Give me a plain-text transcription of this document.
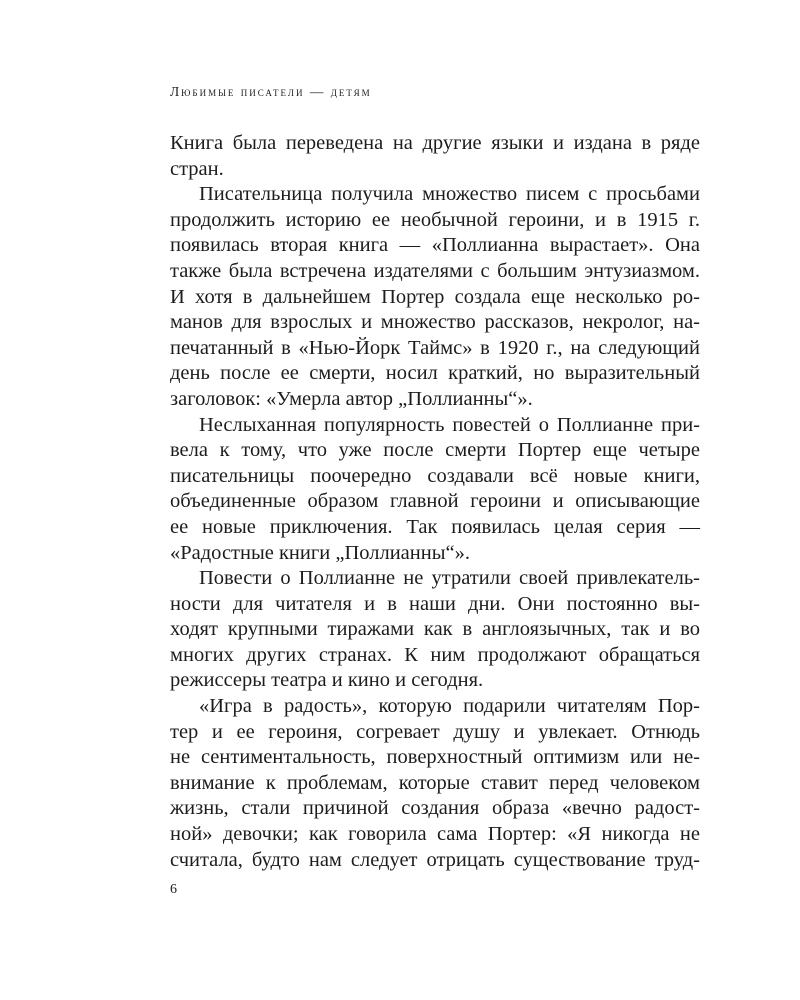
Любимые писатели — детям
Книга была переведена на другие языки и издана в ряде
стран.
Писательница получила множество писем с просьбами
продолжить историю ее необычной героини, и в 1915 г.
появилась вторая книга — «Поллианна вырастает». Она
также была встречена издателями с большим энтузиазмом.
И хотя в дальнейшем Портер создала еще несколько ро-
манов для взрослых и множество рассказов, некролог, на-
печатанный в «Нью-Йорк Таймс» в 1920 г., на следующий
день после ее смерти, носил краткий, но выразительный
заголовок: «Умерла автор „Поллианны“».
Неслыханная популярность повестей о Поллианне при-
вела к тому, что уже после смерти Портер еще четыре
писательницы поочередно создавали всё новые книги,
объединенные образом главной героини и описывающие
ее новые приключения. Так появилась целая серия —
«Радостные книги „Поллианны“».
Повести о Поллианне не утратили своей привлекатель-
ности для читателя и в наши дни. Они постоянно вы-
ходят крупными тиражами как в англоязычных, так и во
многих других странах. К ним продолжают обращаться
режиссеры театра и кино и сегодня.
«Игра в радость», которую подарили читателям Пор-
тер и ее героиня, согревает душу и увлекает. Отнюдь
не сентиментальность, поверхностный оптимизм или не-
внимание к проблемам, которые ставит перед человеком
жизнь, стали причиной создания образа «вечно радост-
ной» девочки; как говорила сама Портер: «Я никогда не
считала, будто нам следует отрицать существование труд-
6
